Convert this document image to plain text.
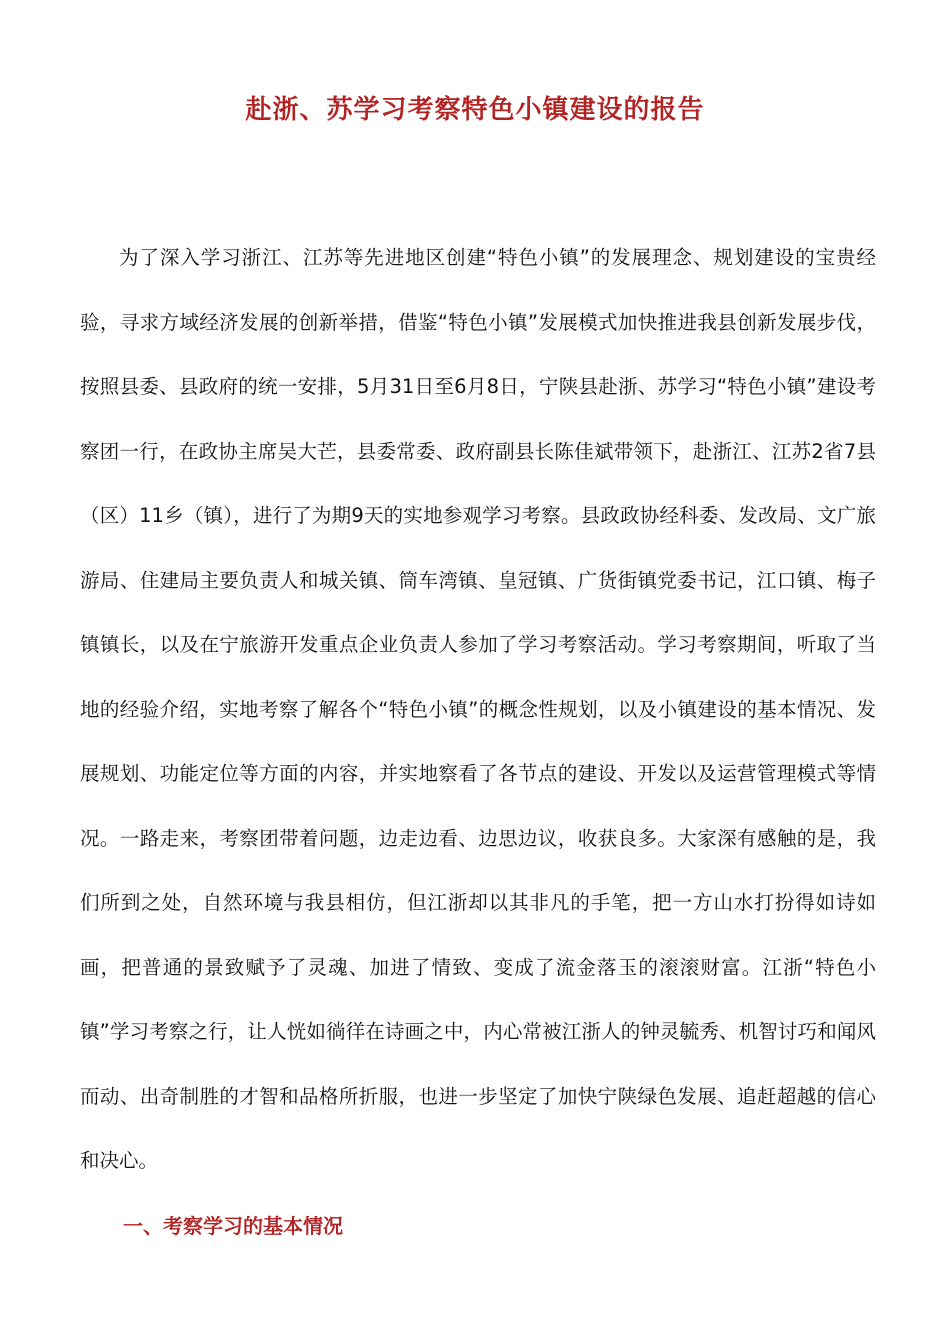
赴浙、苏学习考察特色小镇建设的报告

为了深入学习浙江、江苏等先进地区创建“特色小镇”的发展理念、规划建设的宝贵经验，寻求方域经济发展的创新举措，借鉴“特色小镇”发展模式加快推进我县创新发展步伐，按照县委、县政府的统一安排，5月31日至6月8日，宁陕县赴浙、苏学习“特色小镇”建设考察团一行，在政协主席吴大芒，县委常委、政府副县长陈佳斌带领下，赴浙江、江苏2省7县（区）11乡（镇），进行了为期9天的实地参观学习考察。县政政协经科委、发改局、文广旅游局、住建局主要负责人和城关镇、筒车湾镇、皇冠镇、广货街镇党委书记，江口镇、梅子镇镇长，以及在宁旅游开发重点企业负责人参加了学习考察活动。学习考察期间，听取了当地的经验介绍，实地考察了解各个“特色小镇”的概念性规划，以及小镇建设的基本情况、发展规划、功能定位等方面的内容，并实地察看了各节点的建设、开发以及运营管理模式等情况。一路走来，考察团带着问题，边走边看、边思边议，收获良多。大家深有感触的是，我们所到之处，自然环境与我县相仿，但江浙却以其非凡的手笔，把一方山水打扮得如诗如画，把普通的景致赋予了灵魂、加进了情致、变成了流金落玉的滚滚财富。江浙“特色小镇”学习考察之行，让人恍如徜徉在诗画之中，内心常被江浙人的钟灵毓秀、机智讨巧和闻风而动、出奇制胜的才智和品格所折服，也进一步坚定了加快宁陕绿色发展、追赶超越的信心和决心。

一、考察学习的基本情况
